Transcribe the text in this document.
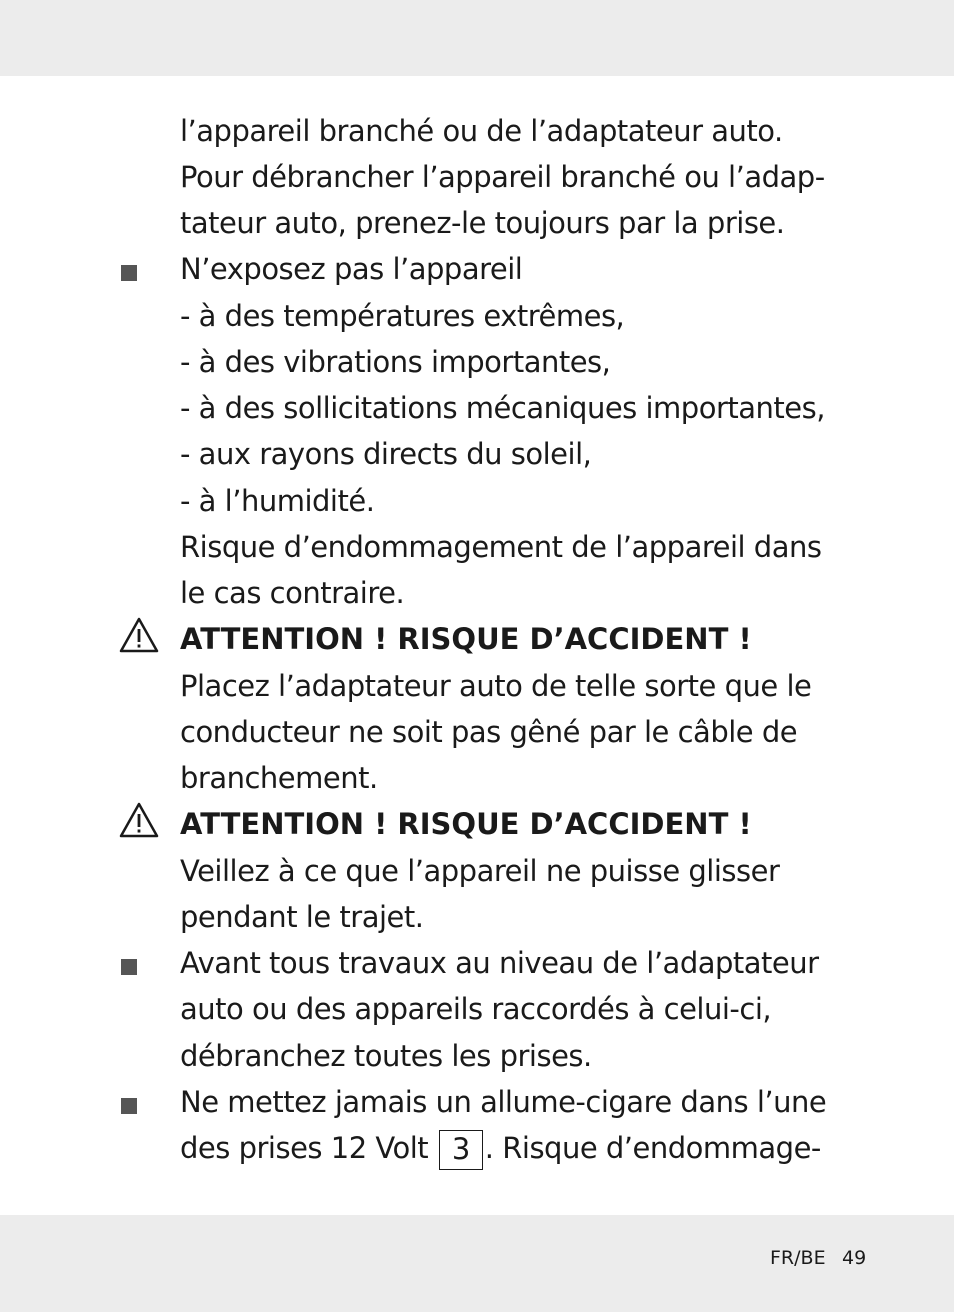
l’appareil branché ou de l’adaptateur auto.
Pour débrancher l’appareil branché ou l’adap-
tateur auto, prenez-le toujours par la prise.
N’exposez pas l’appareil
- à des températures extrêmes,
- à des vibrations importantes,
- à des sollicitations mécaniques importantes,
- aux rayons directs du soleil,
- à l’humidité.
Risque d’endommagement de l’appareil dans
le cas contraire.
ATTENTION ! RISQUE D’ACCIDENT !
Placez l’adaptateur auto de telle sorte que le
conducteur ne soit pas gêné par le câble de
branchement.
ATTENTION ! RISQUE D’ACCIDENT !
Veillez à ce que l’appareil ne puisse glisser
pendant le trajet.
Avant tous travaux au niveau de l’adaptateur
auto ou des appareils raccordés à celui-ci,
débranchez toutes les prises.
Ne mettez jamais un allume-cigare dans l’une
des prises 12 Volt 3 . Risque d’endommage-
FR/BE 49
